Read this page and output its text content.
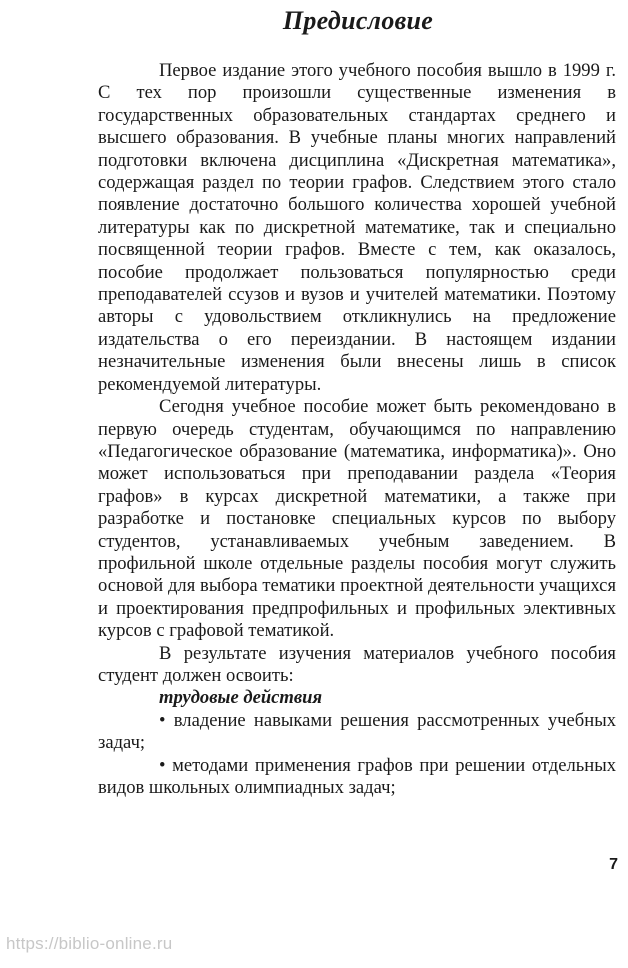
Предисловие

Первое издание этого учебного пособия вышло в 1999 г. С тех пор произошли существенные изменения в государственных образовательных стандартах среднего и высшего образования. В учебные планы многих направлений подготовки включена дисциплина «Дискретная математика», содержащая раздел по теории графов. Следствием этого стало появление достаточно большого количества хорошей учебной литературы как по дискретной математике, так и специально посвященной теории графов. Вместе с тем, как оказалось, пособие продолжает пользоваться популярностью среди преподавателей ссузов и вузов и учителей математики. Поэтому авторы с удовольствием откликнулись на предложение издательства о его переиздании. В настоящем издании незначительные изменения были внесены лишь в список рекомендуемой литературы.

Сегодня учебное пособие может быть рекомендовано в первую очередь студентам, обучающимся по направлению «Педагогическое образование (математика, информатика)». Оно может использоваться при преподавании раздела «Теория графов» в курсах дискретной математики, а также при разработке и постановке специальных курсов по выбору студентов, устанавливаемых учебным заведением. В профильной школе отдельные разделы пособия могут служить основой для выбора тематики проектной деятельности учащихся и проектирования предпрофильных и профильных элективных курсов с графовой тематикой.

В результате изучения материалов учебного пособия студент должен освоить:

трудовые действия

• владение навыками решения рассмотренных учебных задач;

• методами применения графов при решении отдельных видов школьных олимпиадных задач;

7
https://biblio-online.ru
